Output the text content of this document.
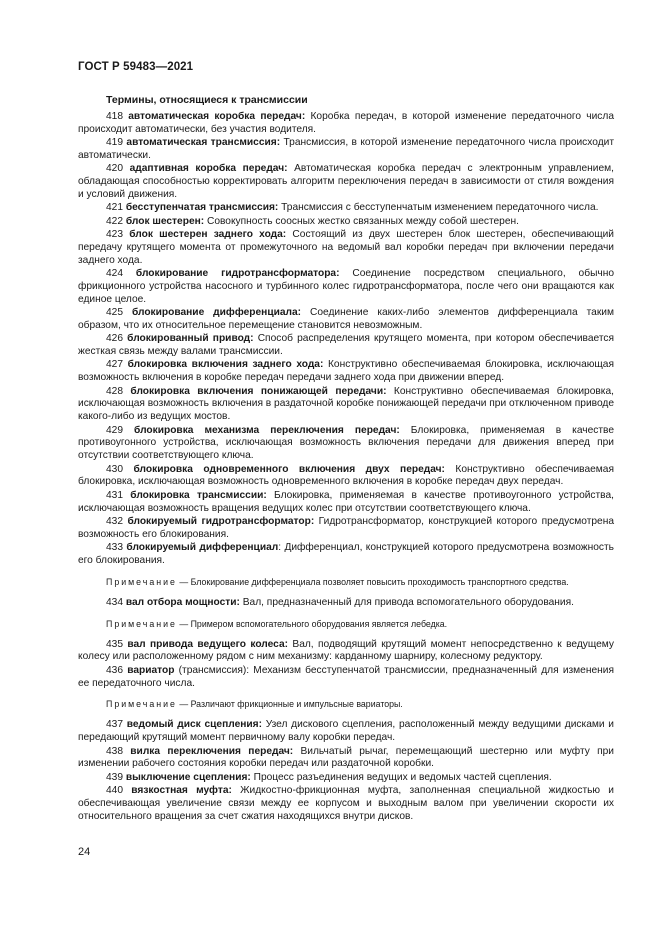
ГОСТ Р 59483—2021
Термины, относящиеся к трансмиссии

418 автоматическая коробка передач: Коробка передач, в которой изменение передаточного числа происходит автоматически, без участия водителя.

419 автоматическая трансмиссия: Трансмиссия, в которой изменение передаточного числа происходит автоматически.

420 адаптивная коробка передач: Автоматическая коробка передач с электронным управлением, обладающая способностью корректировать алгоритм переключения передач в зависимости от стиля вождения и условий движения.

421 бесступенчатая трансмиссия: Трансмиссия с бесступенчатым изменением передаточного числа.

422 блок шестерен: Совокупность соосных жестко связанных между собой шестерен.

423 блок шестерен заднего хода: Состоящий из двух шестерен блок шестерен, обеспечивающий передачу крутящего момента от промежуточного на ведомый вал коробки передач при включении передачи заднего хода.

424 блокирование гидротрансформатора: Соединение посредством специального, обычно фрикционного устройства насосного и турбинного колес гидротрансформатора, после чего они вращаются как единое целое.

425 блокирование дифференциала: Соединение каких-либо элементов дифференциала таким образом, что их относительное перемещение становится невозможным.

426 блокированный привод: Способ распределения крутящего момента, при котором обеспечивается жесткая связь между валами трансмиссии.

427 блокировка включения заднего хода: Конструктивно обеспечиваемая блокировка, исключающая возможность включения в коробке передач передачи заднего хода при движении вперед.

428 блокировка включения понижающей передачи: Конструктивно обеспечиваемая блокировка, исключающая возможность включения в раздаточной коробке понижающей передачи при отключенном приводе какого-либо из ведущих мостов.

429 блокировка механизма переключения передач: Блокировка, применяемая в качестве противоугонного устройства, исключающая возможность включения передачи для движения вперед при отсутствии соответствующего ключа.

430 блокировка одновременного включения двух передач: Конструктивно обеспечиваемая блокировка, исключающая возможность одновременного включения в коробке передач двух передач.

431 блокировка трансмиссии: Блокировка, применяемая в качестве противоугонного устройства, исключающая возможность вращения ведущих колес при отсутствии соответствующего ключа.

432 блокируемый гидротрансформатор: Гидротрансформатор, конструкцией которого предусмотрена возможность его блокирования.

433 блокируемый дифференциал: Дифференциал, конструкцией которого предусмотрена возможность его блокирования.

Примечание — Блокирование дифференциала позволяет повысить проходимость транспортного средства.

434 вал отбора мощности: Вал, предназначенный для привода вспомогательного оборудования.

Примечание — Примером вспомогательного оборудования является лебедка.

435 вал привода ведущего колеса: Вал, подводящий крутящий момент непосредственно к ведущему колесу или расположенному рядом с ним механизму: карданному шарниру, колесному редуктору.

436 вариатор (трансмиссия): Механизм бесступенчатой трансмиссии, предназначенный для изменения ее передаточного числа.

Примечание — Различают фрикционные и импульсные вариаторы.

437 ведомый диск сцепления: Узел дискового сцепления, расположенный между ведущими дисками и передающий крутящий момент первичному валу коробки передач.

438 вилка переключения передач: Вильчатый рычаг, перемещающий шестерню или муфту при изменении рабочего состояния коробки передач или раздаточной коробки.

439 выключение сцепления: Процесс разъединения ведущих и ведомых частей сцепления.

440 вязкостная муфта: Жидкостно-фрикционная муфта, заполненная специальной жидкостью и обеспечивающая увеличение связи между ее корпусом и выходным валом при увеличении скорости их относительного вращения за счет сжатия находящихся внутри дисков.

24
